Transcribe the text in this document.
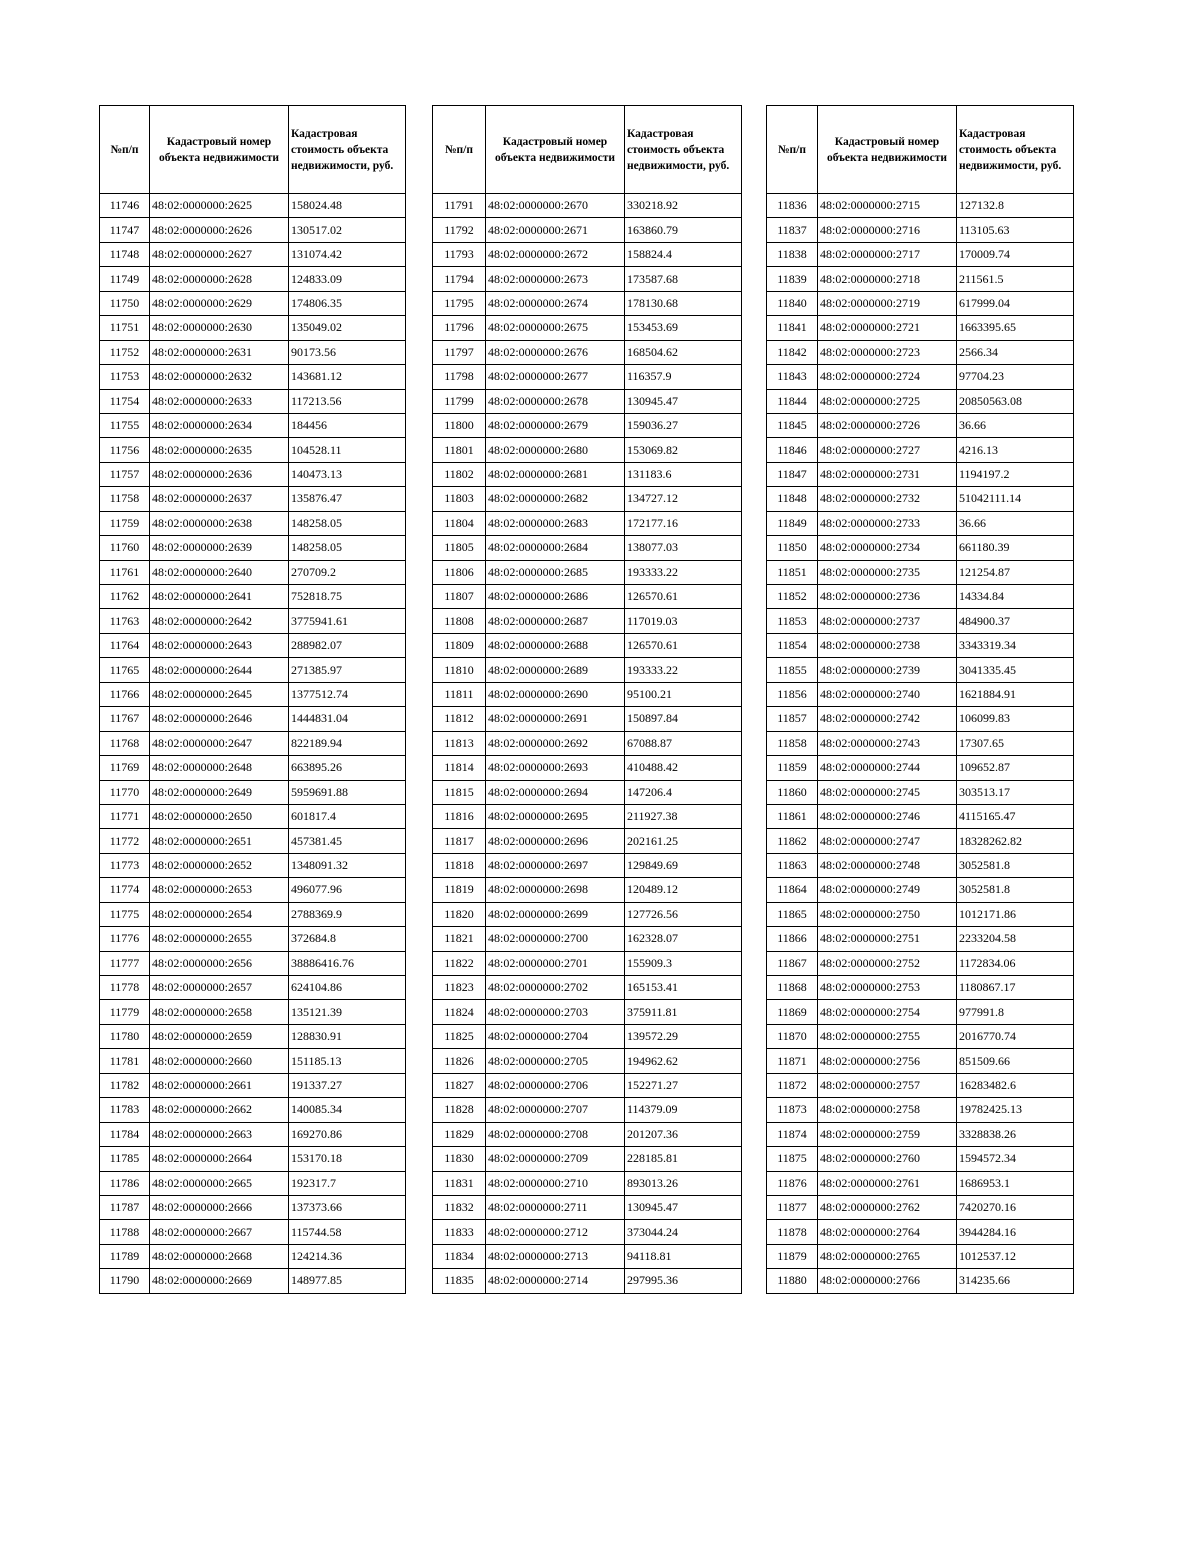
№п/п	Кадастровый номер объекта недвижимости	Кадастровая стоимость объекта недвижимости, руб.
11746	48:02:0000000:2625	158024.48
11747	48:02:0000000:2626	130517.02
11748	48:02:0000000:2627	131074.42
11749	48:02:0000000:2628	124833.09
11750	48:02:0000000:2629	174806.35
11751	48:02:0000000:2630	135049.02
11752	48:02:0000000:2631	90173.56
11753	48:02:0000000:2632	143681.12
11754	48:02:0000000:2633	117213.56
11755	48:02:0000000:2634	184456
11756	48:02:0000000:2635	104528.11
11757	48:02:0000000:2636	140473.13
11758	48:02:0000000:2637	135876.47
11759	48:02:0000000:2638	148258.05
11760	48:02:0000000:2639	148258.05
11761	48:02:0000000:2640	270709.2
11762	48:02:0000000:2641	752818.75
11763	48:02:0000000:2642	3775941.61
11764	48:02:0000000:2643	288982.07
11765	48:02:0000000:2644	271385.97
11766	48:02:0000000:2645	1377512.74
11767	48:02:0000000:2646	1444831.04
11768	48:02:0000000:2647	822189.94
11769	48:02:0000000:2648	663895.26
11770	48:02:0000000:2649	5959691.88
11771	48:02:0000000:2650	601817.4
11772	48:02:0000000:2651	457381.45
11773	48:02:0000000:2652	1348091.32
11774	48:02:0000000:2653	496077.96
11775	48:02:0000000:2654	2788369.9
11776	48:02:0000000:2655	372684.8
11777	48:02:0000000:2656	38886416.76
11778	48:02:0000000:2657	624104.86
11779	48:02:0000000:2658	135121.39
11780	48:02:0000000:2659	128830.91
11781	48:02:0000000:2660	151185.13
11782	48:02:0000000:2661	191337.27
11783	48:02:0000000:2662	140085.34
11784	48:02:0000000:2663	169270.86
11785	48:02:0000000:2664	153170.18
11786	48:02:0000000:2665	192317.7
11787	48:02:0000000:2666	137373.66
11788	48:02:0000000:2667	115744.58
11789	48:02:0000000:2668	124214.36
11790	48:02:0000000:2669	148977.85
№п/п	Кадастровый номер объекта недвижимости	Кадастровая стоимость объекта недвижимости, руб.
11791	48:02:0000000:2670	330218.92
11792	48:02:0000000:2671	163860.79
11793	48:02:0000000:2672	158824.4
11794	48:02:0000000:2673	173587.68
11795	48:02:0000000:2674	178130.68
11796	48:02:0000000:2675	153453.69
11797	48:02:0000000:2676	168504.62
11798	48:02:0000000:2677	116357.9
11799	48:02:0000000:2678	130945.47
11800	48:02:0000000:2679	159036.27
11801	48:02:0000000:2680	153069.82
11802	48:02:0000000:2681	131183.6
11803	48:02:0000000:2682	134727.12
11804	48:02:0000000:2683	172177.16
11805	48:02:0000000:2684	138077.03
11806	48:02:0000000:2685	193333.22
11807	48:02:0000000:2686	126570.61
11808	48:02:0000000:2687	117019.03
11809	48:02:0000000:2688	126570.61
11810	48:02:0000000:2689	193333.22
11811	48:02:0000000:2690	95100.21
11812	48:02:0000000:2691	150897.84
11813	48:02:0000000:2692	67088.87
11814	48:02:0000000:2693	410488.42
11815	48:02:0000000:2694	147206.4
11816	48:02:0000000:2695	211927.38
11817	48:02:0000000:2696	202161.25
11818	48:02:0000000:2697	129849.69
11819	48:02:0000000:2698	120489.12
11820	48:02:0000000:2699	127726.56
11821	48:02:0000000:2700	162328.07
11822	48:02:0000000:2701	155909.3
11823	48:02:0000000:2702	165153.41
11824	48:02:0000000:2703	375911.81
11825	48:02:0000000:2704	139572.29
11826	48:02:0000000:2705	194962.62
11827	48:02:0000000:2706	152271.27
11828	48:02:0000000:2707	114379.09
11829	48:02:0000000:2708	201207.36
11830	48:02:0000000:2709	228185.81
11831	48:02:0000000:2710	893013.26
11832	48:02:0000000:2711	130945.47
11833	48:02:0000000:2712	373044.24
11834	48:02:0000000:2713	94118.81
11835	48:02:0000000:2714	297995.36
№п/п	Кадастровый номер объекта недвижимости	Кадастровая стоимость объекта недвижимости, руб.
11836	48:02:0000000:2715	127132.8
11837	48:02:0000000:2716	113105.63
11838	48:02:0000000:2717	170009.74
11839	48:02:0000000:2718	211561.5
11840	48:02:0000000:2719	617999.04
11841	48:02:0000000:2721	1663395.65
11842	48:02:0000000:2723	2566.34
11843	48:02:0000000:2724	97704.23
11844	48:02:0000000:2725	20850563.08
11845	48:02:0000000:2726	36.66
11846	48:02:0000000:2727	4216.13
11847	48:02:0000000:2731	1194197.2
11848	48:02:0000000:2732	51042111.14
11849	48:02:0000000:2733	36.66
11850	48:02:0000000:2734	661180.39
11851	48:02:0000000:2735	121254.87
11852	48:02:0000000:2736	14334.84
11853	48:02:0000000:2737	484900.37
11854	48:02:0000000:2738	3343319.34
11855	48:02:0000000:2739	3041335.45
11856	48:02:0000000:2740	1621884.91
11857	48:02:0000000:2742	106099.83
11858	48:02:0000000:2743	17307.65
11859	48:02:0000000:2744	109652.87
11860	48:02:0000000:2745	303513.17
11861	48:02:0000000:2746	4115165.47
11862	48:02:0000000:2747	18328262.82
11863	48:02:0000000:2748	3052581.8
11864	48:02:0000000:2749	3052581.8
11865	48:02:0000000:2750	1012171.86
11866	48:02:0000000:2751	2233204.58
11867	48:02:0000000:2752	1172834.06
11868	48:02:0000000:2753	1180867.17
11869	48:02:0000000:2754	977991.8
11870	48:02:0000000:2755	2016770.74
11871	48:02:0000000:2756	851509.66
11872	48:02:0000000:2757	16283482.6
11873	48:02:0000000:2758	19782425.13
11874	48:02:0000000:2759	3328838.26
11875	48:02:0000000:2760	1594572.34
11876	48:02:0000000:2761	1686953.1
11877	48:02:0000000:2762	7420270.16
11878	48:02:0000000:2764	3944284.16
11879	48:02:0000000:2765	1012537.12
11880	48:02:0000000:2766	314235.66
